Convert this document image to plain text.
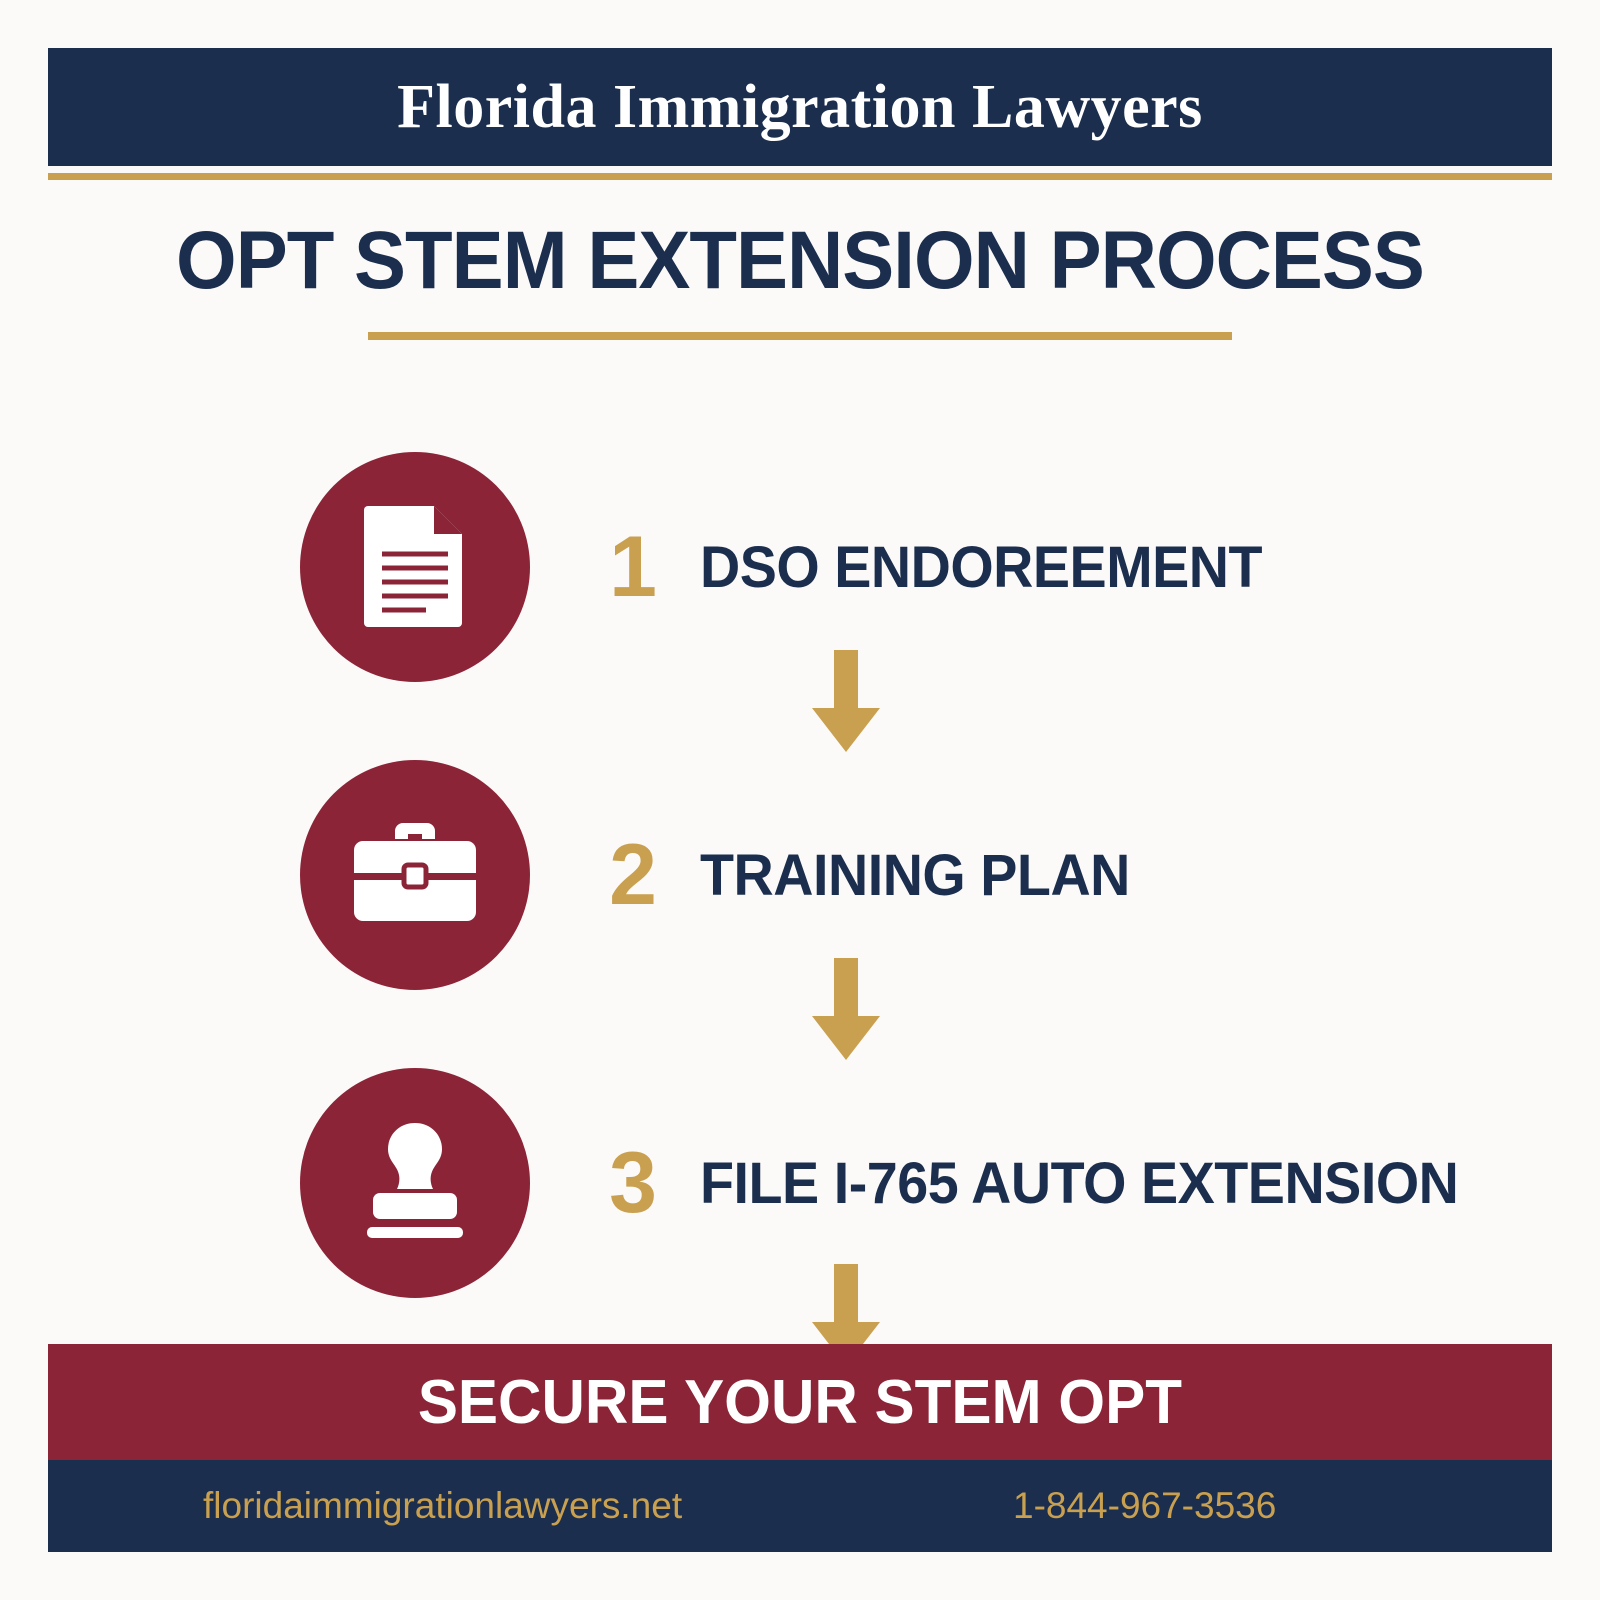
Florida Immigration Lawyers
OPT STEM EXTENSION PROCESS
1 DSO ENDOREEMENT
2 TRAINING PLAN
3 FILE I-765 AUTO EXTENSION
SECURE YOUR STEM OPT
floridaimmigrationlawyers.net	1-844-967-3536
